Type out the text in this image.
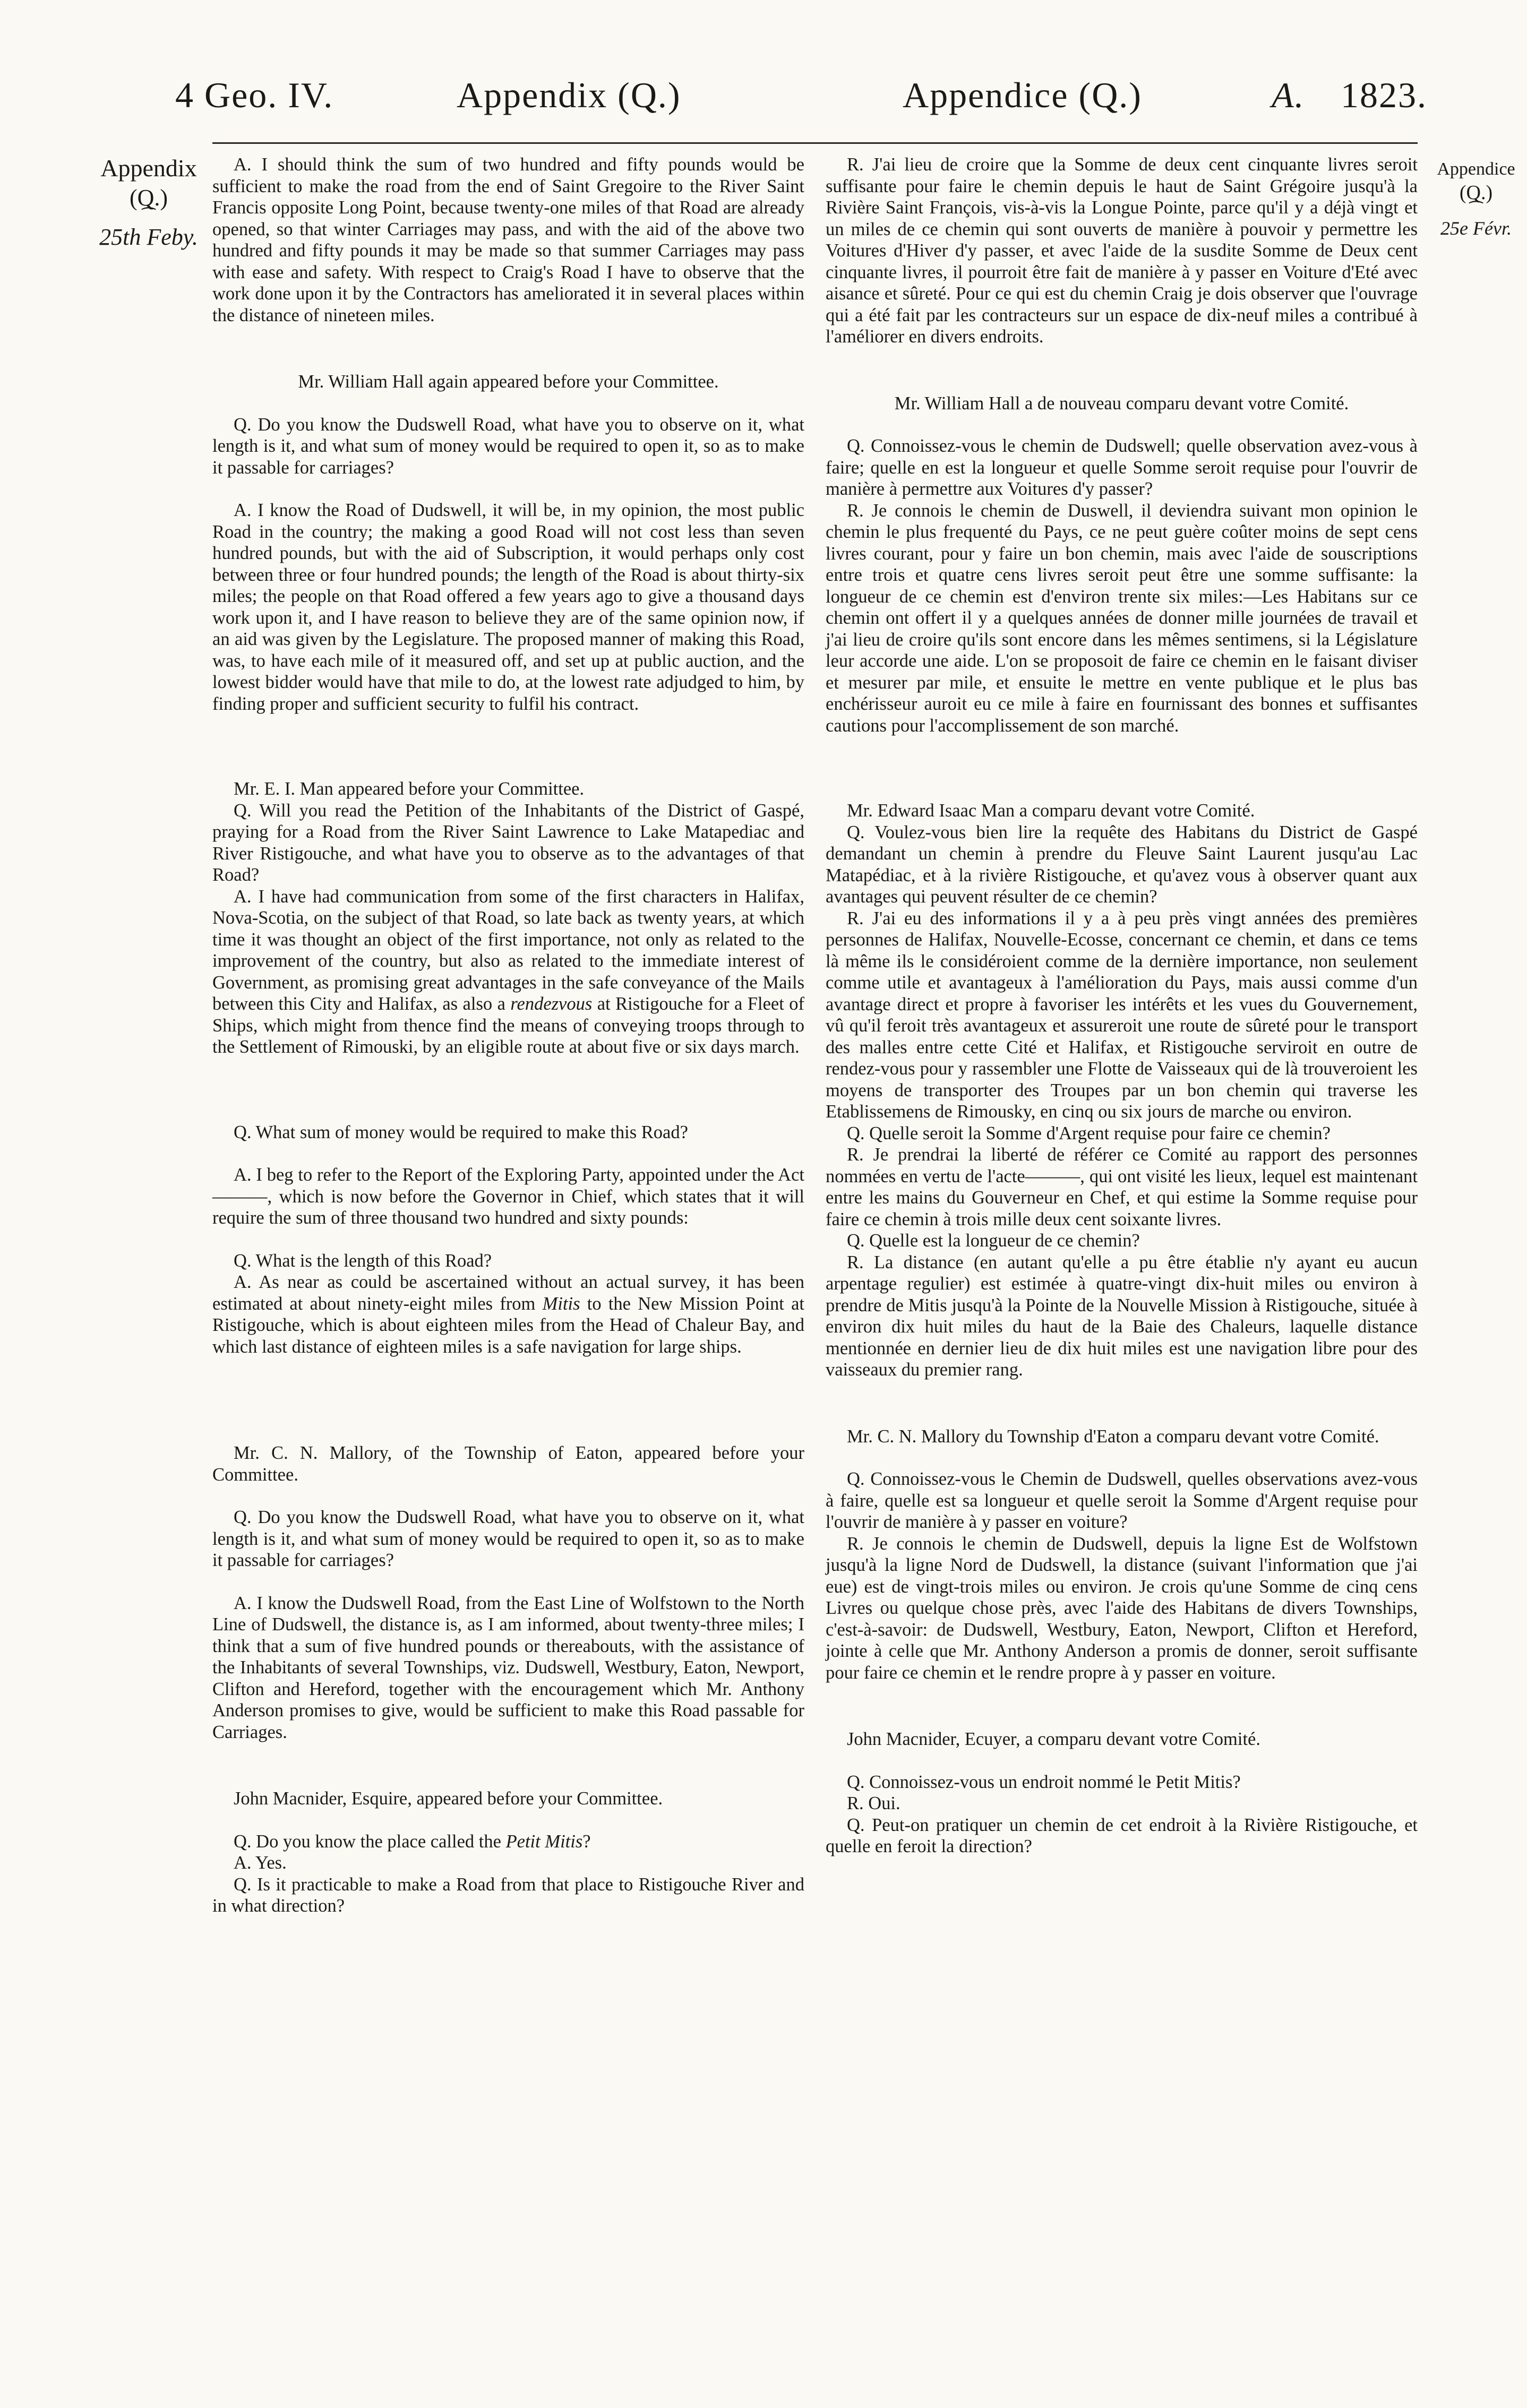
4 Geo. IV.	Appendix (Q.)	Appendice (Q.)	A. 1823.
Appendix
(Q.)
⁀
25th Feby.
Appendice
(Q.)
⁀
25e Févr.

A. I should think the sum of two hundred and fifty pounds would be sufficient to make the road from the end of Saint Gregoire to the River Saint Francis opposite Long Point, because twenty-one miles of that Road are already opened, so that winter Carriages may pass, and with the aid of the above two hundred and fifty pounds it may be made so that summer Carriages may pass with ease and safety. With respect to Craig's Road I have to observe that the work done upon it by the Contractors has ameliorated it in several places within the distance of nineteen miles.

Mr. William Hall again appeared before your Committee.

Q. Do you know the Dudswell Road, what have you to observe on it, what length is it, and what sum of money would be required to open it, so as to make it passable for carriages?

A. I know the Road of Dudswell, it will be, in my opinion, the most public Road in the country; the making a good Road will not cost less than seven hundred pounds, but with the aid of Subscription, it would perhaps only cost between three or four hundred pounds; the length of the Road is about thirty-six miles; the people on that Road offered a few years ago to give a thousand days work upon it, and I have reason to believe they are of the same opinion now, if an aid was given by the Legislature. The proposed manner of making this Road, was, to have each mile of it measured off, and set up at public auction, and the lowest bidder would have that mile to do, at the lowest rate adjudged to him, by finding proper and sufficient security to fulfil his contract.

Mr. E. I. Man appeared before your Committee.

Q. Will you read the Petition of the Inhabitants of the District of Gaspé, praying for a Road from the River Saint Lawrence to Lake Matapediac and River Ristigouche, and what have you to observe as to the advantages of that Road?

A. I have had communication from some of the first characters in Halifax, Nova-Scotia, on the subject of that Road, so late back as twenty years, at which time it was thought an object of the first importance, not only as related to the improvement of the country, but also as related to the immediate interest of Government, as promising great advantages in the safe conveyance of the Mails between this City and Halifax, as also a rendezvous at Ristigouche for a Fleet of Ships, which might from thence find the means of conveying troops through to the Settlement of Rimouski, by an eligible route at about five or six days march.

Q. What sum of money would be required to make this Road?

A. I beg to refer to the Report of the Exploring Party, appointed under the Act———, which is now before the Governor in Chief, which states that it will require the sum of three thousand two hundred and sixty pounds:

Q. What is the length of this Road?

A. As near as could be ascertained without an actual survey, it has been estimated at about ninety-eight miles from Mitis to the New Mission Point at Ristigouche, which is about eighteen miles from the Head of Chaleur Bay, and which last distance of eighteen miles is a safe navigation for large ships.

Mr. C. N. Mallory, of the Township of Eaton, appeared before your Committee.

Q. Do you know the Dudswell Road, what have you to observe on it, what length is it, and what sum of money would be required to open it, so as to make it passable for carriages?

A. I know the Dudswell Road, from the East Line of Wolfstown to the North Line of Dudswell, the distance is, as I am informed, about twenty-three miles; I think that a sum of five hundred pounds or thereabouts, with the assistance of the Inhabitants of several Townships, viz. Dudswell, Westbury, Eaton, Newport, Clifton and Hereford, together with the encouragement which Mr. Anthony Anderson promises to give, would be sufficient to make this Road passable for Carriages.

John Macnider, Esquire, appeared before your Committee.

Q. Do you know the place called the Petit Mitis?

A. Yes.

Q. Is it practicable to make a Road from that place to Ristigouche River and in what direction?

R. J'ai lieu de croire que la Somme de deux cent cinquante livres seroit suffisante pour faire le chemin depuis le haut de Saint Grégoire jusqu'à la Rivière Saint François, vis-à-vis la Longue Pointe, parce qu'il y a déjà vingt et un miles de ce chemin qui sont ouverts de manière à pouvoir y permettre les Voitures d'Hiver d'y passer, et avec l'aide de la susdite Somme de Deux cent cinquante livres, il pourroit être fait de manière à y passer en Voiture d'Eté avec aisance et sûreté. Pour ce qui est du chemin Craig je dois observer que l'ouvrage qui a été fait par les contracteurs sur un espace de dix-neuf miles a contribué à l'améliorer en divers endroits.

Mr. William Hall a de nouveau comparu devant votre Comité.

Q. Connoissez-vous le chemin de Dudswell; quelle observation avez-vous à faire; quelle en est la longueur et quelle Somme seroit requise pour l'ouvrir de manière à permettre aux Voitures d'y passer?

R. Je connois le chemin de Duswell, il deviendra suivant mon opinion le chemin le plus frequenté du Pays, ce ne peut guère coûter moins de sept cens livres courant, pour y faire un bon chemin, mais avec l'aide de souscriptions entre trois et quatre cens livres seroit peut être une somme suffisante: la longueur de ce chemin est d'environ trente six miles:—Les Habitans sur ce chemin ont offert il y a quelques années de donner mille journées de travail et j'ai lieu de croire qu'ils sont encore dans les mêmes sentimens, si la Législature leur accorde une aide. L'on se proposoit de faire ce chemin en le faisant diviser et mesurer par mile, et ensuite le mettre en vente publique et le plus bas enchérisseur auroit eu ce mile à faire en fournissant des bonnes et suffisantes cautions pour l'accomplissement de son marché.

Mr. Edward Isaac Man a comparu devant votre Comité.

Q. Voulez-vous bien lire la requête des Habitans du District de Gaspé demandant un chemin à prendre du Fleuve Saint Laurent jusqu'au Lac Matapédiac, et à la rivière Ristigouche, et qu'avez vous à observer quant aux avantages qui peuvent résulter de ce chemin?

R. J'ai eu des informations il y a à peu près vingt années des premières personnes de Halifax, Nouvelle-Ecosse, concernant ce chemin, et dans ce tems là même ils le considéroient comme de la dernière importance, non seulement comme utile et avantageux à l'amélioration du Pays, mais aussi comme d'un avantage direct et propre à favoriser les intérêts et les vues du Gouvernement, vû qu'il feroit très avantageux et assureroit une route de sûreté pour le transport des malles entre cette Cité et Halifax, et Ristigouche serviroit en outre de rendez-vous pour y rassembler une Flotte de Vaisseaux qui de là trouveroient les moyens de transporter des Troupes par un bon chemin qui traverse les Etablissemens de Rimousky, en cinq ou six jours de marche ou environ.

Q. Quelle seroit la Somme d'Argent requise pour faire ce chemin?

R. Je prendrai la liberté de référer ce Comité au rapport des personnes nommées en vertu de l'acte———, qui ont visité les lieux, lequel est maintenant entre les mains du Gouverneur en Chef, et qui estime la Somme requise pour faire ce chemin à trois mille deux cent soixante livres.

Q. Quelle est la longueur de ce chemin?

R. La distance (en autant qu'elle a pu être établie n'y ayant eu aucun arpentage regulier) est estimée à quatre-vingt dix-huit miles ou environ à prendre de Mitis jusqu'à la Pointe de la Nouvelle Mission à Ristigouche, située à environ dix huit miles du haut de la Baie des Chaleurs, laquelle distance mentionnée en dernier lieu de dix huit miles est une navigation libre pour des vaisseaux du premier rang.

Mr. C. N. Mallory du Township d'Eaton a comparu devant votre Comité.

Q. Connoissez-vous le Chemin de Dudswell, quelles observations avez-vous à faire, quelle est sa longueur et quelle seroit la Somme d'Argent requise pour l'ouvrir de manière à y passer en voiture?

R. Je connois le chemin de Dudswell, depuis la ligne Est de Wolfstown jusqu'à la ligne Nord de Dudswell, la distance (suivant l'information que j'ai eue) est de vingt-trois miles ou environ. Je crois qu'une Somme de cinq cens Livres ou quelque chose près, avec l'aide des Habitans de divers Townships, c'est-à-savoir: de Dudswell, Westbury, Eaton, Newport, Clifton et Hereford, jointe à celle que Mr. Anthony Anderson a promis de donner, seroit suffisante pour faire ce chemin et le rendre propre à y passer en voiture.

John Macnider, Ecuyer, a comparu devant votre Comité.

Q. Connoissez-vous un endroit nommé le Petit Mitis?

R. Oui.

Q. Peut-on pratiquer un chemin de cet endroit à la Rivière Ristigouche, et quelle en feroit la direction?
